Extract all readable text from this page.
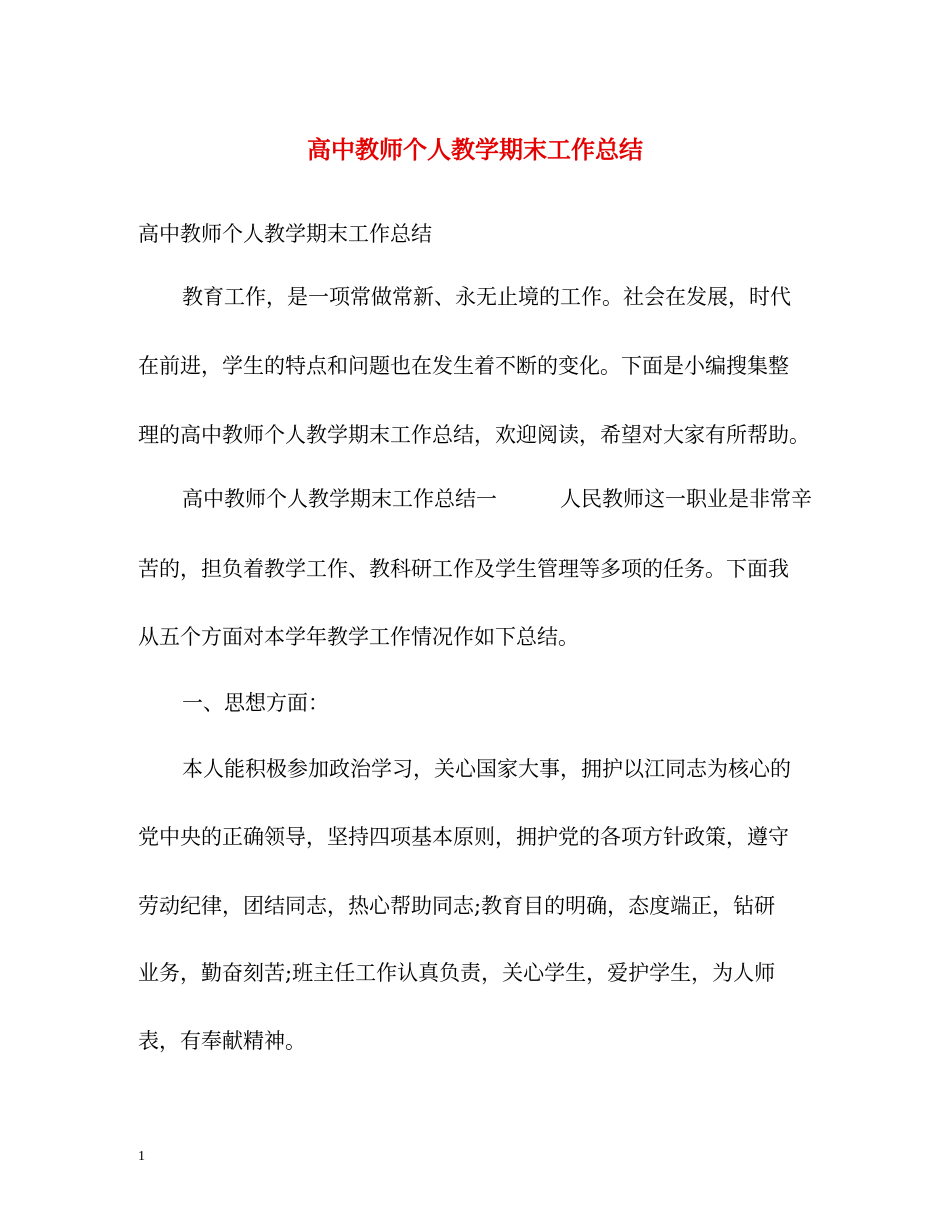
高中教师个人教学期末工作总结

高中教师个人教学期末工作总结

教育工作，是一项常做常新、永无止境的工作。社会在发展，时代

在前进，学生的特点和问题也在发生着不断的变化。下面是小编搜集整

理的高中教师个人教学期末工作总结，欢迎阅读，希望对大家有所帮助。

高中教师个人教学期末工作总结一　　　人民教师这一职业是非常辛

苦的，担负着教学工作、教科研工作及学生管理等多项的任务。下面我

从五个方面对本学年教学工作情况作如下总结。

一、思想方面：

本人能积极参加政治学习，关心国家大事，拥护以江同志为核心的

党中央的正确领导，坚持四项基本原则，拥护党的各项方针政策，遵守

劳动纪律，团结同志，热心帮助同志;教育目的明确，态度端正，钻研

业务，勤奋刻苦;班主任工作认真负责，关心学生，爱护学生，为人师

表，有奉献精神。

1
